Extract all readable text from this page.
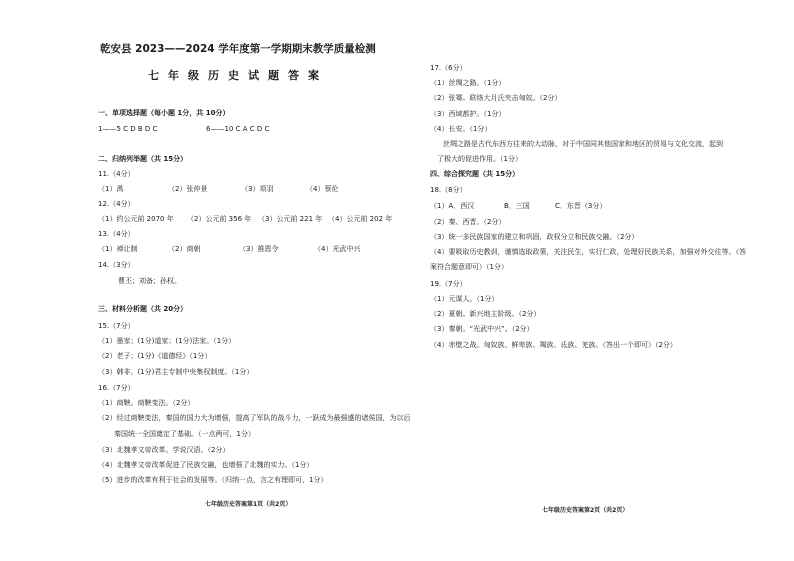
乾安县 2023——2024 学年度第一学期期末教学质量检测
七年级历史试题答案
一、单项选择题（每小题 1分，共 10分）
1——5 C D B D C	6——10 C A C D C
二、归纳列举题（共 15分）
11.（4分）
（1）禹	（2）张仲景	（3）项羽	（4）蔡伦
12.（4分）
（1）约公元前 2070 年 （2）公元前 356 年 （3）公元前 221 年 （4）公元前 202 年
13.（4分）
（1）禅让制	（2）商朝	（3）推恩令	（4）光武中兴
14.（3分）
曹丕；刘备；孙权。
三、材料分析题（共 20分）
15.（7分）
（1）墨家；(1分)道家；(1分)法家。（1分）
（2）老子；(1分)《道德经》（1分）
（3）韩非。(1分)君主专制中央集权制度。（1分）
16.（7分）
（1）商鞅。商鞅变法。（2分）
（2）经过商鞅变法，秦国的国力大为增强，提高了军队的战斗力，一跃成为最强盛的诸侯国，为以后
秦国统一全国奠定了基础。（一点两可，1分）
（3）北魏孝文帝改革。学说汉语。（2分）
（4）北魏孝文帝改革促进了民族交融，也增强了北魏的实力。（1分）
（5）进步的改革有利于社会的发展等。（归纳一点，言之有理即可，1分）
七年级历史答案第1页（共2页）
17.（6分）
（1）丝绸之路。（1分）
（2）张骞。联络大月氏夹击匈奴。（2分）
（3）西域都护。（1分）
（4）长安。（1分）
丝绸之路是古代东西方往来的大动脉，对于中国同其他国家和地区的贸易与文化交流，起到
了极大的促进作用。（1分）
四、综合探究题（共 15分）
18.（8分）
（1）A．西汉	B．三国	C．东晋（3分）
（2）秦、西晋。（2分）
（3）统一多民族国家的建立和巩固，政权分立和民族交融。（2分）
（4）要吸取历史教训，谨慎选取政策，关注民生，实行仁政，处理好民族关系，加强对外交往等。（答
案符合题意即可）（1分）
19.（7分）
（1）元谋人。（1分）
（2）夏朝。新兴地主阶级。（2分）
（3）秦朝。“光武中兴”。（2分）
（4）赤壁之战。匈奴族、鲜卑族、羯族、氐族、羌族。（答出一个即可）（2分）
七年级历史答案第2页（共2页）
